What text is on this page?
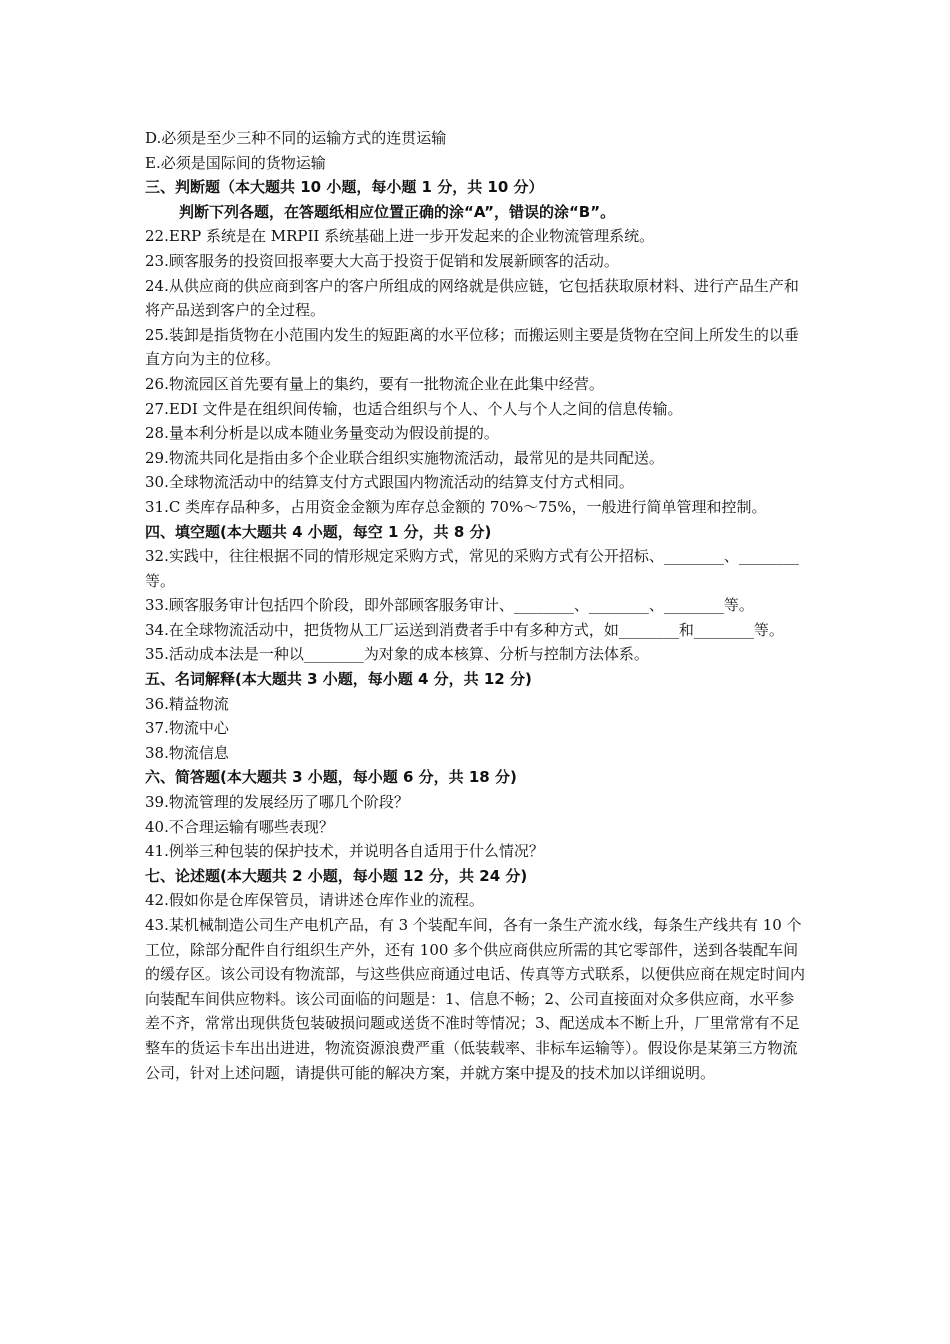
D.必须是至少三种不同的运输方式的连贯运输

E.必须是国际间的货物运输

三、判断题（本大题共 10 小题，每小题 1 分，共 10 分）

判断下列各题，在答题纸相应位置正确的涂“A”，错误的涂“B”。

22.ERP 系统是在 MRPII 系统基础上进一步开发起来的企业物流管理系统。

23.顾客服务的投资回报率要大大高于投资于促销和发展新顾客的活动。

24.从供应商的供应商到客户的客户所组成的网络就是供应链，它包括获取原材料、进行产品生产和将产品送到客户的全过程。

25.装卸是指货物在小范围内发生的短距离的水平位移；而搬运则主要是货物在空间上所发生的以垂直方向为主的位移。

26.物流园区首先要有量上的集约，要有一批物流企业在此集中经营。

27.EDI 文件是在组织间传输，也适合组织与个人、个人与个人之间的信息传输。

28.量本利分析是以成本随业务量变动为假设前提的。

29.物流共同化是指由多个企业联合组织实施物流活动，最常见的是共同配送。

30.全球物流活动中的结算支付方式跟国内物流活动的结算支付方式相同。

31.C 类库存品种多，占用资金金额为库存总金额的 70%～75%，一般进行简单管理和控制。

四、填空题(本大题共 4 小题，每空 1 分，共 8 分)

32.实践中，往往根据不同的情形规定采购方式，常见的采购方式有公开招标、________、________等。

33.顾客服务审计包括四个阶段，即外部顾客服务审计、________、________、________等。

34.在全球物流活动中，把货物从工厂运送到消费者手中有多种方式，如________和________等。

35.活动成本法是一种以________为对象的成本核算、分析与控制方法体系。

五、名词解释(本大题共 3 小题，每小题 4 分，共 12 分)

36.精益物流

37.物流中心

38.物流信息

六、简答题(本大题共 3 小题，每小题 6 分，共 18 分)

39.物流管理的发展经历了哪几个阶段？

40.不合理运输有哪些表现？

41.例举三种包装的保护技术，并说明各自适用于什么情况？

七、论述题(本大题共 2 小题，每小题 12 分，共 24 分)

42.假如你是仓库保管员，请讲述仓库作业的流程。

43.某机械制造公司生产电机产品，有 3 个装配车间，各有一条生产流水线，每条生产线共有 10 个工位，除部分配件自行组织生产外，还有 100 多个供应商供应所需的其它零部件，送到各装配车间的缓存区。该公司设有物流部，与这些供应商通过电话、传真等方式联系，以便供应商在规定时间内向装配车间供应物料。该公司面临的问题是：1、信息不畅；2、公司直接面对众多供应商，水平参差不齐，常常出现供货包装破损问题或送货不准时等情况；3、配送成本不断上升，厂里常常有不足整车的货运卡车出出进进，物流资源浪费严重（低装载率、非标车运输等）。假设你是某第三方物流公司，针对上述问题，请提供可能的解决方案，并就方案中提及的技术加以详细说明。
